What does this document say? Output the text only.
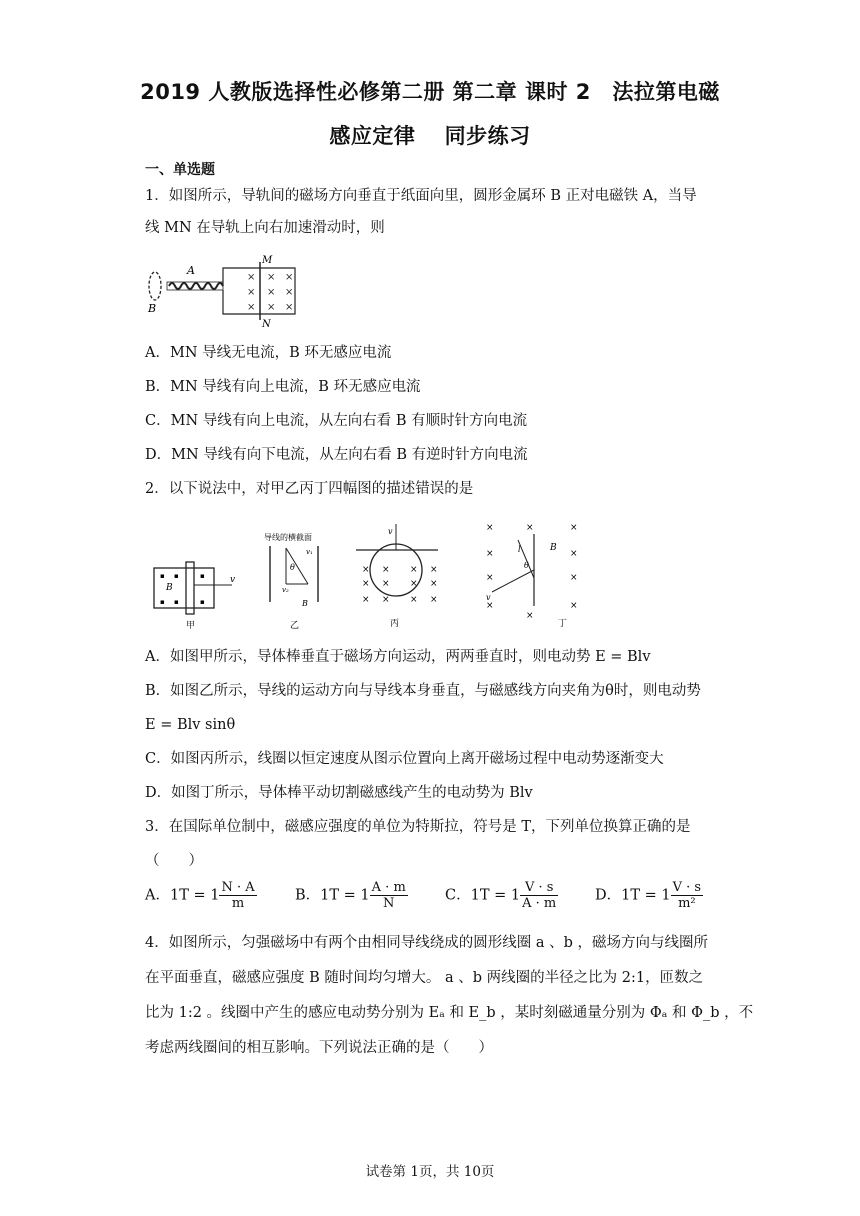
2019 人教版选择性必修第二册 第二章 课时 2　法拉第电磁
感应定律　 同步练习
一、单选题
1．如图所示，导轨间的磁场方向垂直于纸面向里，圆形金属环 B 正对电磁铁 A，当导
线 MN 在导轨上向右加速滑动时，则
B
A
M
N
× × ×
× × ×
× × ×
A．MN 导线无电流，B 环无感应电流
B．MN 导线有向上电流，B 环无感应电流
C．MN 导线有向上电流，从左向右看 B 有顺时针方向电流
D．MN 导线有向下电流，从左向右看 B 有逆时针方向电流
2．以下说法中，对甲乙丙丁四幅图的描述错误的是
v
B
甲
▪ ▪
▪ ▪
▪
▪
导线的横截面
θ
v₁
v₂
B
乙
v
丙
× × × ×
× × × ×
× × × ×
l
θ
B
v
丁
×	×	×
×	×
×	×
×
×
×
A．如图甲所示，导体棒垂直于磁场方向运动，两两垂直时，则电动势 E = Blv
B．如图乙所示，导线的运动方向与导线本身垂直，与磁感线方向夹角为θ时，则电动势
E = Blv sinθ
C．如图丙所示，线圈以恒定速度从图示位置向上离开磁场过程中电动势逐渐变大
D．如图丁所示，导体棒平动切割磁感线产生的电动势为 Blv
3．在国际单位制中，磁感应强度的单位为特斯拉，符号是 T，下列单位换算正确的是
（　　）
A．$1T = 1 \frac{N \cdot A}{m}$	B．$1T = 1 \frac{A \cdot m}{N}$	C．$1T = 1 \frac{V \cdot s}{A \cdot m}$	D．$1T = 1 \frac{V \cdot s}{\text{m²}}$
4．如图所示，匀强磁场中有两个由相同导线绕成的圆形线圈 a 、b ，磁场方向与线圈所
在平面垂直，磁感应强度 B 随时间均匀增大。 a 、b 两线圈的半径之比为 2:1，匝数之
比为 1:2 。线圈中产生的感应电动势分别为 Eₐ 和 E_b ，某时刻磁通量分别为 Φₐ 和 Φ_b ，不
考虑两线圈间的相互影响。下列说法正确的是（　　）
试卷第 1页，共 10页
